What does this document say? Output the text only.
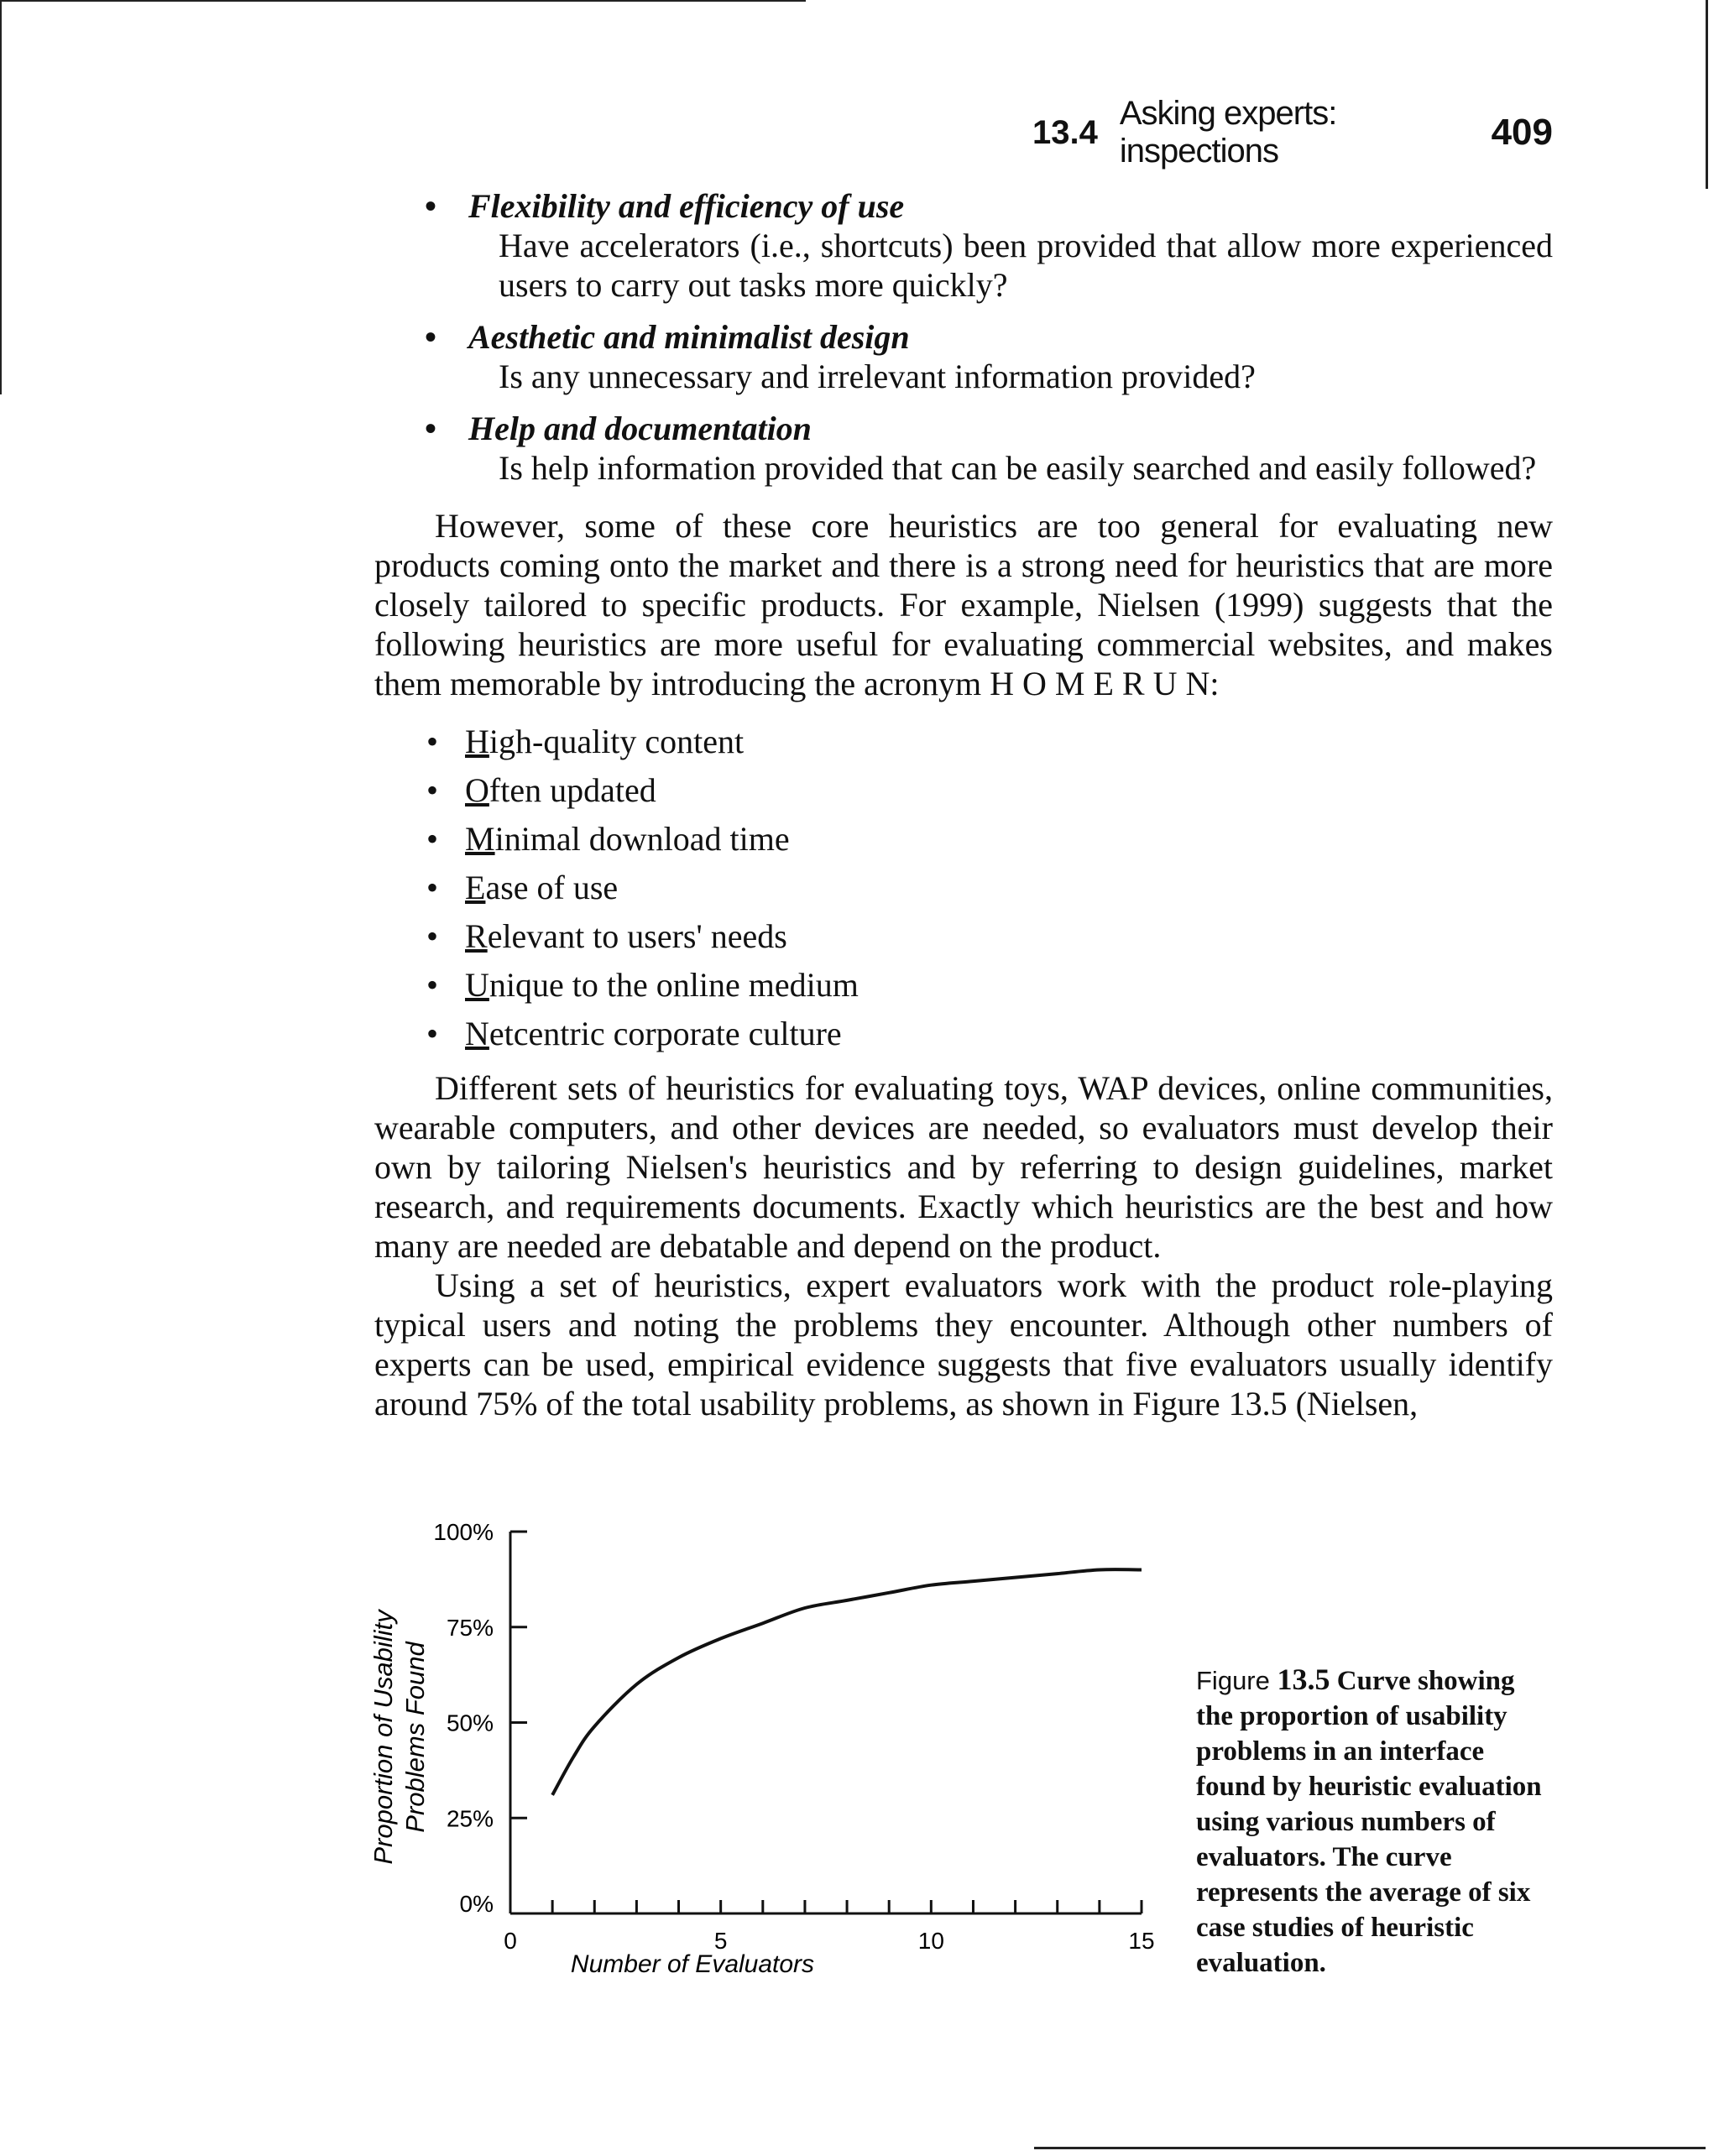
13.4
Asking experts: inspections	409
• Flexibility and efficiency of use
Have accelerators (i.e., shortcuts) been provided that allow more experienced users to carry out tasks more quickly?
• Aesthetic and minimalist design
Is any unnecessary and irrelevant information provided?
• Help and documentation
Is help information provided that can be easily searched and easily followed?

However, some of these core heuristics are too general for evaluating new products coming onto the market and there is a strong need for heuristics that are more closely tailored to specific products. For example, Nielsen (1999) suggests that the following heuristics are more useful for evaluating commercial websites, and makes them memorable by introducing the acronym H O M E R U N:

• High-quality content
• Often updated
• Minimal download time
• Ease of use
• Relevant to users' needs
• Unique to the online medium
• Netcentric corporate culture

Different sets of heuristics for evaluating toys, WAP devices, online communities, wearable computers, and other devices are needed, so evaluators must develop their own by tailoring Nielsen's heuristics and by referring to design guidelines, market research, and requirements documents. Exactly which heuristics are the best and how many are needed are debatable and depend on the product.

Using a set of heuristics, expert evaluators work with the product role-playing typical users and noting the problems they encounter. Although other numbers of experts can be used, empirical evidence suggests that five evaluators usually identify around 75% of the total usability problems, as shown in Figure 13.5 (Nielsen,

0%
25%
50%
75%
100%
0	5	10	15
Number of Evaluators
Proportion of Usability Problems Found	Figure 13.5 Curve showing the proportion of usability problems in an interface found by heuristic evaluation using various numbers of evaluators. The curve represents the average of six case studies of heuristic evaluation.
